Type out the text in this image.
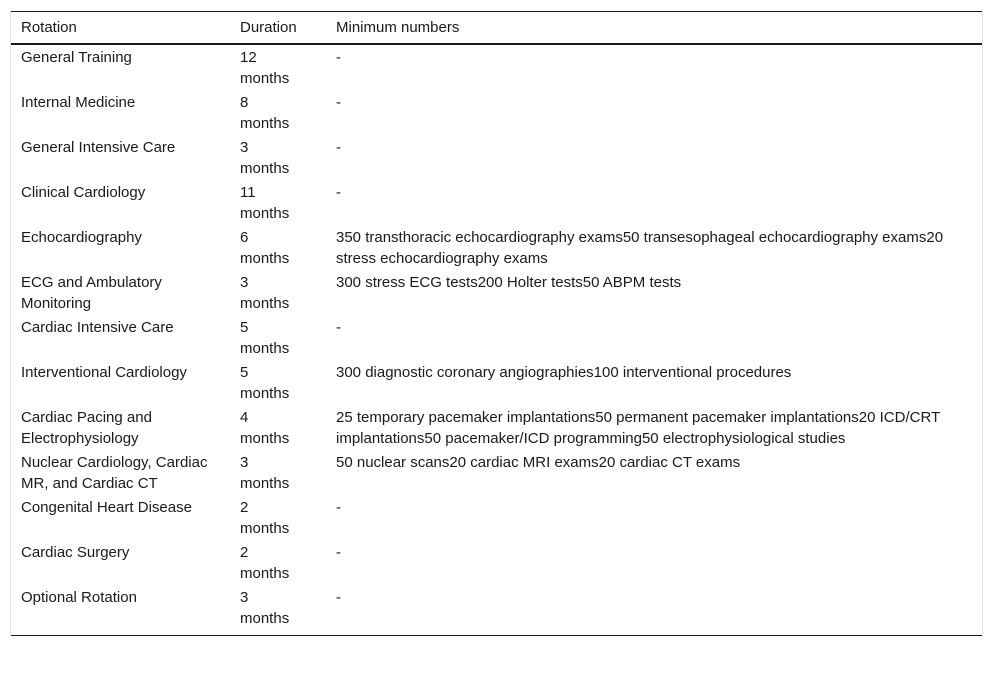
Rotation	Duration	Minimum numbers
General Training	12 months	-
Internal Medicine	8 months	-
General Intensive Care	3 months	-
Clinical Cardiology	11 months	-
Echocardiography	6 months	350 transthoracic echocardiography exams50 transesophageal echocardiography exams20 stress echocardiography exams
ECG and Ambulatory Monitoring	3 months	300 stress ECG tests200 Holter tests50 ABPM tests
Cardiac Intensive Care	5 months	-
Interventional Cardiology	5 months	300 diagnostic coronary angiographies100 interventional procedures
Cardiac Pacing and Electrophysiology	4 months	25 temporary pacemaker implantations50 permanent pacemaker implantations20 ICD/CRT implantations50 pacemaker/ICD programming50 electrophysiological studies
Nuclear Cardiology, Cardiac MR, and Cardiac CT	3 months	50 nuclear scans20 cardiac MRI exams20 cardiac CT exams
Congenital Heart Disease	2 months	-
Cardiac Surgery	2 months	-
Optional Rotation	3 months	-
